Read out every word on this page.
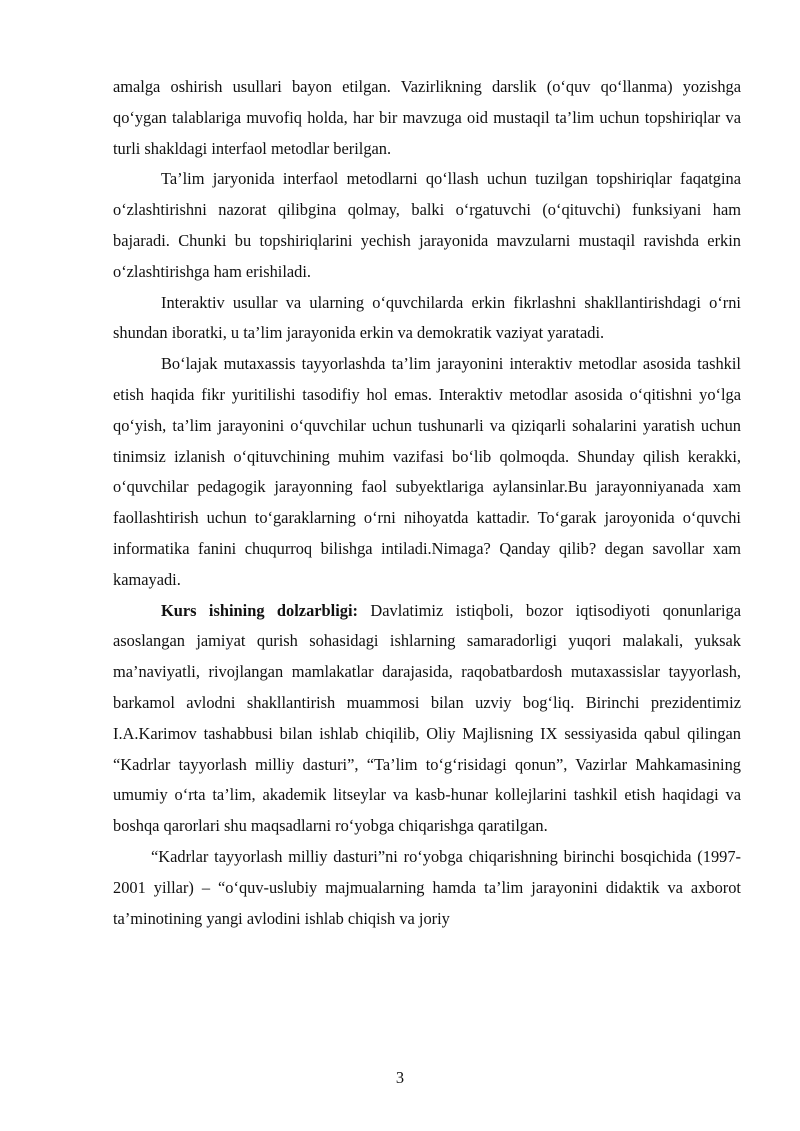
amalga oshirish usullari bayon etilgan. Vazirlikning darslik (o‘quv qo‘llanma) yozishga qo‘ygan talablariga muvofiq holda, har bir mavzuga oid mustaqil ta’lim uchun topshiriqlar va turli shakldagi interfaol metodlar berilgan.

Ta’lim jaryonida interfaol metodlarni qo‘llash uchun tuzilgan topshiriqlar faqatgina o‘zlashtirishni nazorat qilibgina qolmay, balki o‘rgatuvchi (o‘qituvchi) funksiyani ham bajaradi. Chunki bu topshiriqlarini yechish jarayonida mavzularni mustaqil ravishda erkin o‘zlashtirishga ham erishiladi.

Interaktiv usullar va ularning o‘quvchilarda erkin fikrlashni shakllantirishdagi o‘rni shundan iboratki, u ta’lim jarayonida erkin va demokratik vaziyat yaratadi.

Bo‘lajak mutaxassis tayyorlashda ta’lim jarayonini interaktiv metodlar asosida tashkil etish haqida fikr yuritilishi tasodifiy hol emas. Interaktiv metodlar asosida o‘qitishni yo‘lga qo‘yish, ta’lim jarayonini o‘quvchilar uchun tushunarli va qiziqarli sohalarini yaratish uchun tinimsiz izlanish o‘qituvchining muhim vazifasi bo‘lib qolmoqda. Shunday qilish kerakki, o‘quvchilar pedagogik jarayonning faol subyektlariga aylansinlar.Bu jarayonniyanada xam faollashtirish uchun to‘garaklarning o‘rni nihoyatda kattadir. To‘garak jaroyonida o‘quvchi informatika fanini chuqurroq bilishga intiladi.Nimaga? Qanday qilib? degan savollar xam kamayadi.

Kurs ishining dolzarbligi: Davlatimiz istiqboli, bozor iqtisodiyoti qonunlariga asoslangan jamiyat qurish sohasidagi ishlarning samaradorligi yuqori malakali, yuksak ma’naviyatli, rivojlangan mamlakatlar darajasida, raqobatbardosh mutaxassislar tayyorlash, barkamol avlodni shakllantirish muammosi bilan uzviy bog‘liq. Birinchi prezidentimiz I.A.Karimov tashabbusi bilan ishlab chiqilib, Oliy Majlisning IX sessiyasida qabul qilingan “Kadrlar tayyorlash milliy dasturi”, “Ta’lim to‘g‘risidagi qonun”, Vazirlar Mahkamasining umumiy o‘rta ta’lim, akademik litseylar va kasb-hunar kollejlarini tashkil etish haqidagi va boshqa qarorlari shu maqsadlarni ro‘yobga chiqarishga qaratilgan.

“Kadrlar tayyorlash milliy dasturi”ni ro‘yobga chiqarishning birinchi bosqichida (1997-2001 yillar) – “o‘quv-uslubiy majmualarning hamda ta’lim jarayonini didaktik va axborot ta’minotining yangi avlodini ishlab chiqish va joriy

3
